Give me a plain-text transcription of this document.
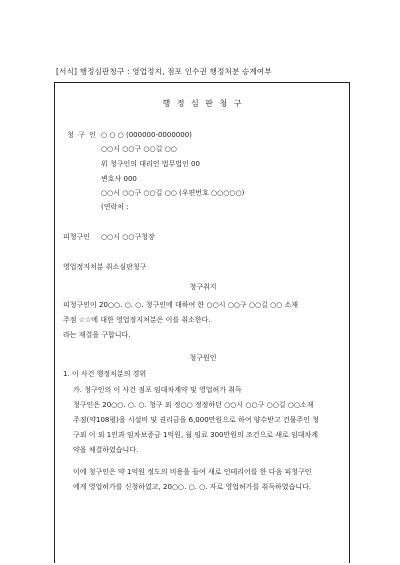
[서식] 행정심판청구 : 영업정지, 점포 인수권 행정처분 승계여부
행 정 심 판 청 구
청 구 인 ○ ○ ○ (000000-0000000)
○○시 ○○구 ○○길 ○○
위 청구인의 대리인 법무법인 00
변호사 000
○○시 ○○구 ○○길 ○○ (우편번호 ○○○○○)
(연락처 :
피청구인 ○○시 ○○구청장
영업정지처분 취소심판청구
청구취지
피청구인이 20○○. ○. ○. 청구인에 대하여 한 ○○시 ○○구 ○○길 ○○ 소재
주점 ☆☆에 대한 영업정지처분은 이를 취소한다.
라는 재결을 구합니다.
청구원인
1. 이 사건 행정처분의 경위
가. 청구인의 이 사건 점포 임대차계약 및 영업허가 취득
청구인은 20○○. ○. ○. 청구 외 정○○ 정정하던 ○○시 ○○구 ○○길 ○○소재
주점(약108평)을 시설비 및 권리금을 6,000만원으로 하여 양수받고 건물주인 청
구외 이 외 1인과 임차보증금 1억원, 월 임료 300만원의 조건으로 새로 임대차계
약을 체결하였습니다.
이에 청구인은 약 1억원 정도의 비용을 들여 새로 인테리어를 한 다음 피청구인
에게 영업허가를 신청하였고, 20○○. ○. ○. 자로 영업허가를 취득하였습니다.
